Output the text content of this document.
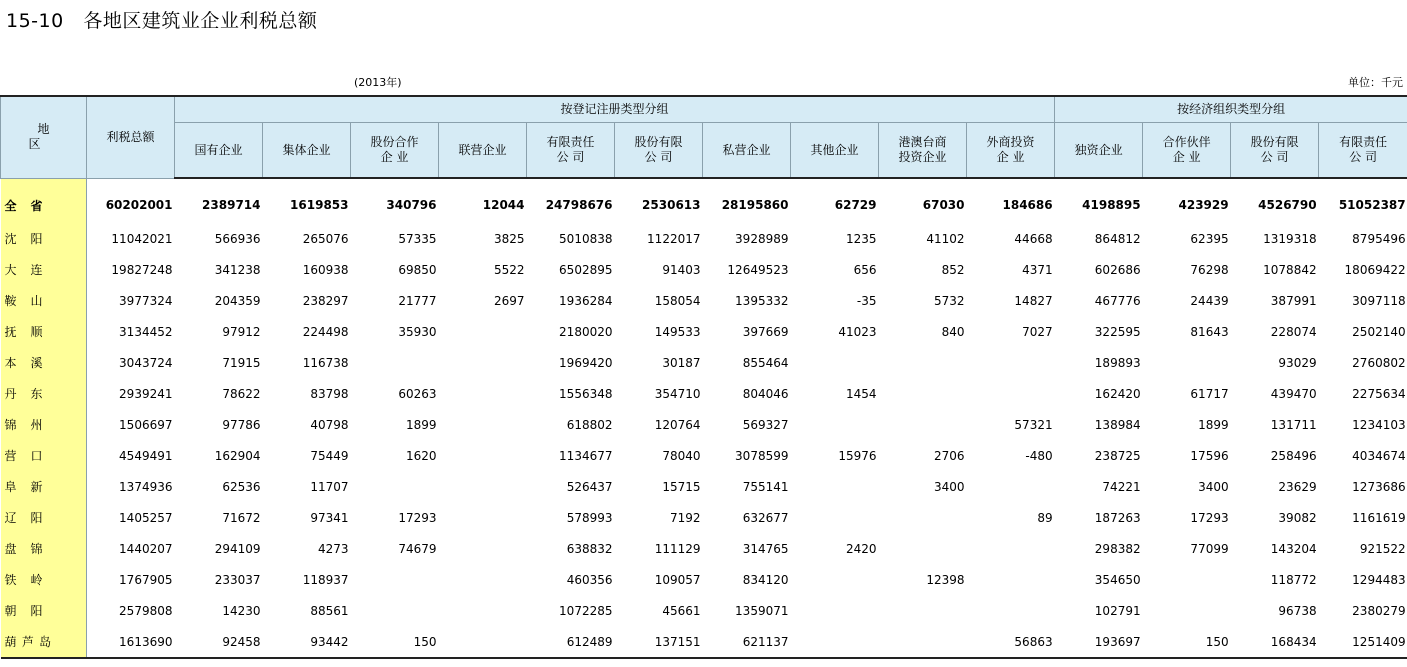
15-10   各地区建筑业企业利税总额
(2013年)	单位：千元
地 区	利税总额	按登记注册类型分组										按经济组织类型分组			
		国有企业	集体企业	股份合作
企 业	联营企业	有限责任
公 司	股份有限
公 司	私营企业	其他企业	港澳台商
投资企业	外商投资
企 业	独资企业	合作伙伴
企 业	股份有限
公 司	有限责任
公 司

全 省	60202001	2389714	1619853	340796	12044	24798676	2530613	28195860	62729	67030	184686	4198895	423929	4526790	51052387

沈 阳	11042021	566936	265076	57335	3825	5010838	1122017	3928989	1235	41102	44668	864812	62395	1319318	8795496

大 连	19827248	341238	160938	69850	5522	6502895	91403	12649523	656	852	4371	602686	76298	1078842	18069422

鞍 山	3977324	204359	238297	21777	2697	1936284	158054	1395332	-35	5732	14827	467776	24439	387991	3097118

抚 顺	3134452	97912	224498	35930		2180020	149533	397669	41023	840	7027	322595	81643	228074	2502140

本 溪	3043724	71915	116738			1969420	30187	855464				189893		93029	2760802

丹 东	2939241	78622	83798	60263		1556348	354710	804046	1454			162420	61717	439470	2275634

锦 州	1506697	97786	40798	1899		618802	120764	569327			57321	138984	1899	131711	1234103

营 口	4549491	162904	75449	1620		1134677	78040	3078599	15976	2706	-480	238725	17596	258496	4034674

阜 新	1374936	62536	11707			526437	15715	755141		3400		74221	3400	23629	1273686

辽 阳	1405257	71672	97341	17293		578993	7192	632677			89	187263	17293	39082	1161619

盘 锦	1440207	294109	4273	74679		638832	111129	314765	2420			298382	77099	143204	921522

铁 岭	1767905	233037	118937			460356	109057	834120		12398		354650		118772	1294483

朝 阳	2579808	14230	88561			1072285	45661	1359071				102791		96738	2380279

葫 芦 岛	1613690	92458	93442	150		612489	137151	621137			56863	193697	150	168434	1251409
